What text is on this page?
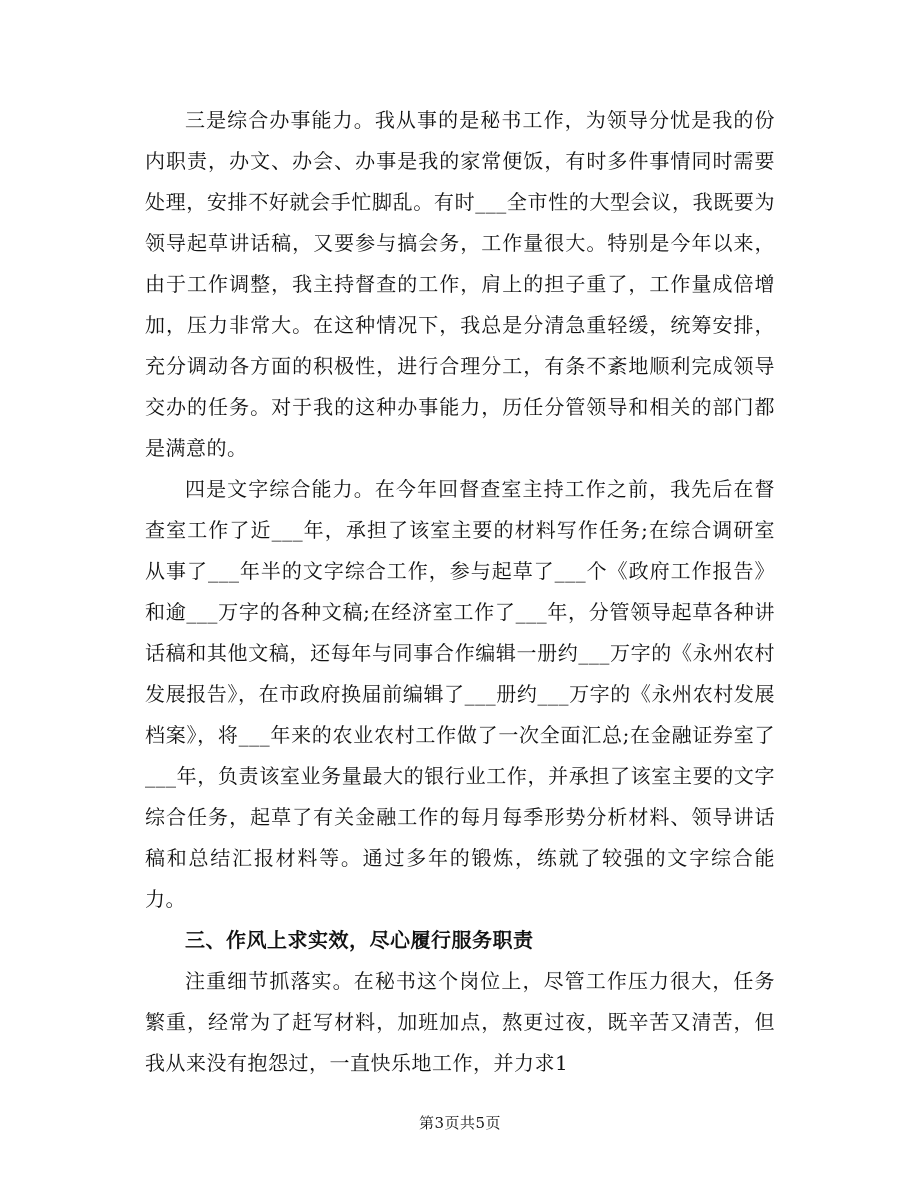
三是综合办事能力。我从事的是秘书工作，为领导分忧是我的份内职责，办文、办会、办事是我的家常便饭，有时多件事情同时需要处理，安排不好就会手忙脚乱。有时___全市性的大型会议，我既要为领导起草讲话稿，又要参与搞会务，工作量很大。特别是今年以来，由于工作调整，我主持督查的工作，肩上的担子重了，工作量成倍增加，压力非常大。在这种情况下，我总是分清急重轻缓，统筹安排，充分调动各方面的积极性，进行合理分工，有条不紊地顺利完成领导交办的任务。对于我的这种办事能力，历任分管领导和相关的部门都是满意的。

四是文字综合能力。在今年回督查室主持工作之前，我先后在督查室工作了近___年，承担了该室主要的材料写作任务;在综合调研室从事了___年半的文字综合工作，参与起草了___个《政府工作报告》和逾___万字的各种文稿;在经济室工作了___年，分管领导起草各种讲话稿和其他文稿，还每年与同事合作编辑一册约___万字的《永州农村发展报告》，在市政府换届前编辑了___册约___万字的《永州农村发展档案》，将___年来的农业农村工作做了一次全面汇总;在金融证券室了___年，负责该室业务量最大的银行业工作，并承担了该室主要的文字综合任务，起草了有关金融工作的每月每季形势分析材料、领导讲话稿和总结汇报材料等。通过多年的锻炼，练就了较强的文字综合能力。

三、作风上求实效，尽心履行服务职责

注重细节抓落实。在秘书这个岗位上，尽管工作压力很大，任务繁重，经常为了赶写材料，加班加点，熬更过夜，既辛苦又清苦，但我从来没有抱怨过，一直快乐地工作，并力求1

第3页共5页
